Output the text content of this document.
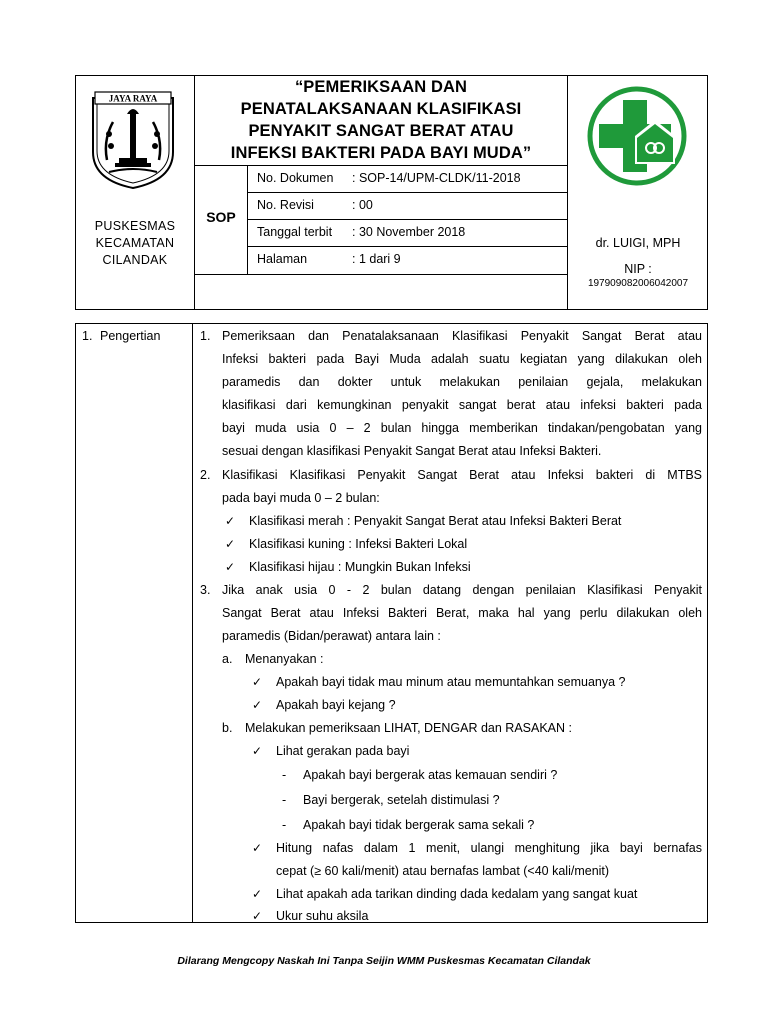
JAYA RAYA
PUSKESMAS
KECAMATAN
CILANDAK
“PEMERIKSAAN DAN
PENATALAKSANAAN KLASIFIKASI
PENYAKIT SANGAT BERAT ATAU
INFEKSI BAKTERI PADA BAYI MUDA”
SOP
No. Dokumen : SOP-14/UPM-CLDK/11-2018
No. Revisi	: 00
Tanggal terbit : 30 November 2018
Halaman	: 1 dari 9
dr. LUIGI, MPH
NIP :
197909082006042007
1. Pengertian	1. Pemeriksaan dan Penatalaksanaan Klasifikasi Penyakit Sangat Berat atau
Infeksi bakteri pada Bayi Muda adalah suatu kegiatan yang dilakukan oleh
paramedis dan dokter untuk melakukan penilaian gejala, melakukan
klasifikasi dari kemungkinan penyakit sangat berat atau infeksi bakteri pada
bayi muda usia 0 – 2 bulan hingga memberikan tindakan/pengobatan yang
sesuai dengan klasifikasi Penyakit Sangat Berat atau Infeksi Bakteri.
2. Klasifikasi Klasifikasi Penyakit Sangat Berat atau Infeksi bakteri di MTBS
pada bayi muda 0 – 2 bulan:
✓ Klasifikasi merah : Penyakit Sangat Berat atau Infeksi Bakteri Berat
✓ Klasifikasi kuning : Infeksi Bakteri Lokal
✓ Klasifikasi hijau : Mungkin Bukan Infeksi
3. Jika anak usia 0 - 2 bulan datang dengan penilaian Klasifikasi Penyakit
Sangat Berat atau Infeksi Bakteri Berat, maka hal yang perlu dilakukan oleh
paramedis (Bidan/perawat) antara lain :
a. Menanyakan :
✓ Apakah bayi tidak mau minum atau memuntahkan semuanya ?
✓ Apakah bayi kejang ?
b. Melakukan pemeriksaan LIHAT, DENGAR dan RASAKAN :
✓ Lihat gerakan pada bayi
- Apakah bayi bergerak atas kemauan sendiri ?
- Bayi bergerak, setelah distimulasi ?
- Apakah bayi tidak bergerak sama sekali ?
✓ Hitung nafas dalam 1 menit, ulangi menghitung jika bayi bernafas
cepat (≥ 60 kali/menit) atau bernafas lambat (<40 kali/menit)
✓ Lihat apakah ada tarikan dinding dada kedalam yang sangat kuat
✓ Ukur suhu aksila
Dilarang Mengcopy Naskah Ini Tanpa Seijin WMM Puskesmas Kecamatan Cilandak
